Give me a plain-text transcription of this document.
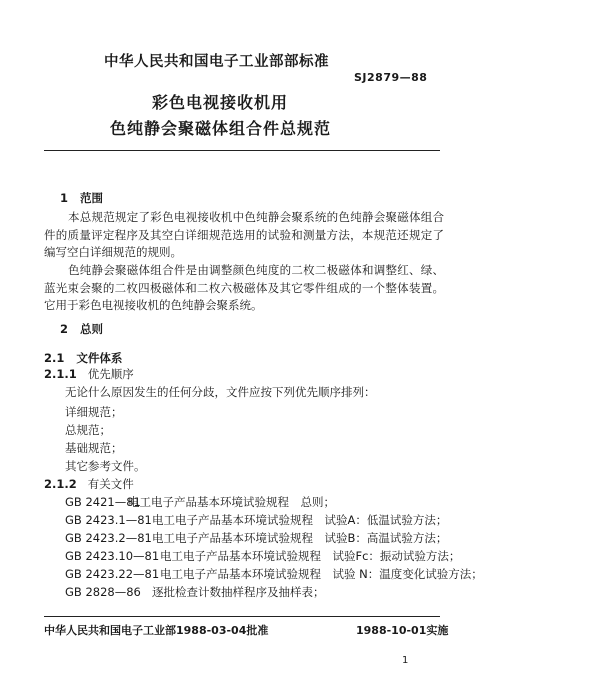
中华人民共和国电子工业部部标准
SJ2879—88
彩色电视接收机用
色纯静会聚磁体组合件总规范
1 范围
本总规范规定了彩色电视接收机中色纯静会聚系统的色纯静会聚磁体组合件的质量评定程序及其空白详细规范选用的试验和测量方法，本规范还规定了编写空白详细规范的规则。
色纯静会聚磁体组合件是由调整颜色纯度的二枚二极磁体和调整红、绿、蓝光束会聚的二枚四极磁体和二枚六极磁体及其它零件组成的一个整体装置。它用于彩色电视接收机的色纯静会聚系统。
2 总则
2.1 文件体系
2.1.1 优先顺序
无论什么原因发生的任何分歧，文件应按下列优先顺序排列：
详细规范；
总规范；
基础规范；
其它参考文件。
2.1.2 有关文件
GB 2421—81
电工电子产品基本环境试验规程　总则；
GB 2423.1—81 电工电子产品基本环境试验规程　试验A：低温试验方法；
GB 2423.2—81 电工电子产品基本环境试验规程　试验B：高温试验方法；
GB 2423.10—81 电工电子产品基本环境试验规程　试验Fc：振动试验方法；
GB 2423.22—81 电工电子产品基本环境试验规程　试验 N：温度变化试验方法；
GB 2828—86 逐批检查计数抽样程序及抽样表；
中华人民共和国电子工业部1988-03-04批准	1988-10-01实施
1
